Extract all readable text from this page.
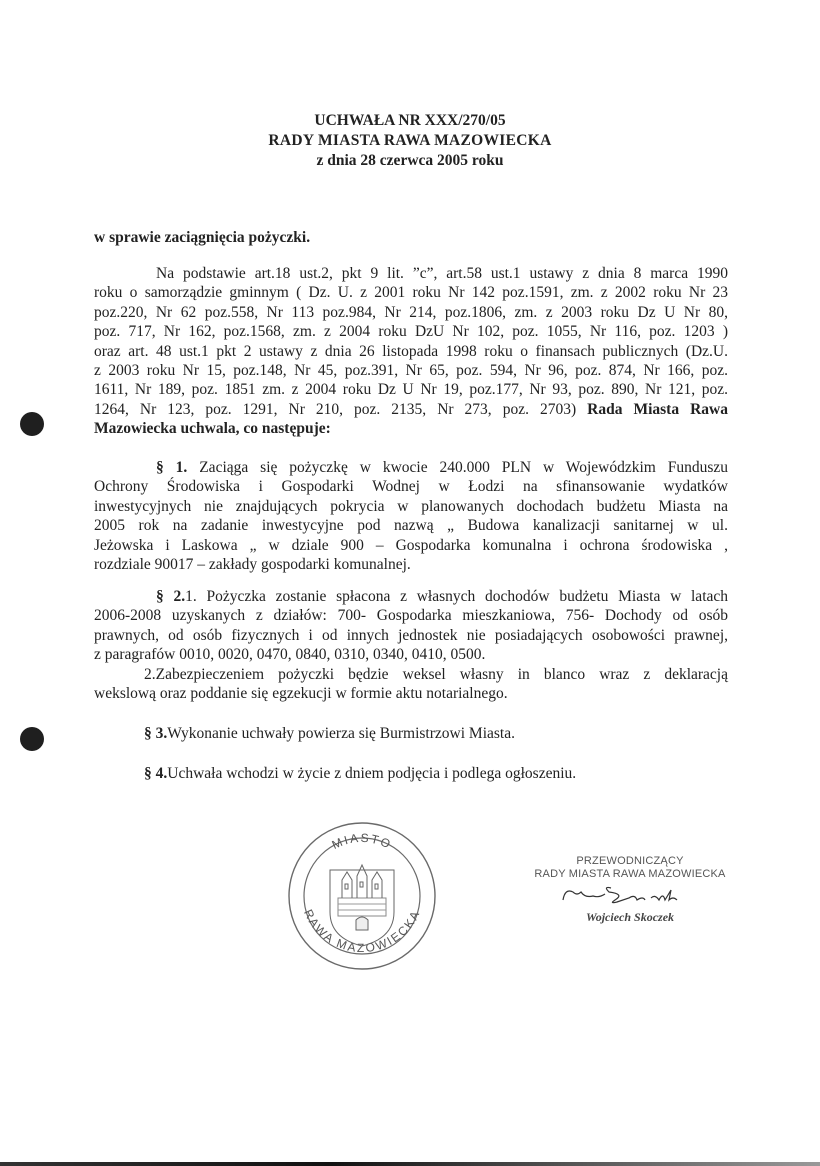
UCHWAŁA NR XXX/270/05
RADY MIASTA RAWA MAZOWIECKA
z dnia 28 czerwca 2005 roku
w sprawie zaciągnięcia pożyczki.
Na podstawie art.18 ust.2, pkt 9 lit. ”c”, art.58 ust.1 ustawy z dnia 8 marca 1990
roku o samorządzie gminnym ( Dz. U. z 2001 roku Nr 142 poz.1591, zm. z 2002 roku Nr 23
poz.220, Nr 62 poz.558, Nr 113 poz.984, Nr 214, poz.1806, zm. z 2003 roku Dz U Nr 80,
poz. 717, Nr 162, poz.1568, zm. z 2004 roku DzU Nr 102, poz. 1055, Nr 116, poz. 1203 )
oraz art. 48 ust.1 pkt 2 ustawy z dnia 26 listopada 1998 roku o finansach publicznych (Dz.U.
z 2003 roku Nr 15, poz.148, Nr 45, poz.391, Nr 65, poz. 594, Nr 96, poz. 874, Nr 166, poz.
1611, Nr 189, poz. 1851 zm. z 2004 roku Dz U Nr 19, poz.177, Nr 93, poz. 890, Nr 121, poz.
1264, Nr 123, poz. 1291, Nr 210, poz. 2135, Nr 273, poz. 2703) Rada Miasta Rawa
Mazowiecka uchwala, co następuje:
§ 1. Zaciąga się pożyczkę w kwocie 240.000 PLN w Wojewódzkim Funduszu
Ochrony Środowiska i Gospodarki Wodnej w Łodzi na sfinansowanie wydatków
inwestycyjnych nie znajdujących pokrycia w planowanych dochodach budżetu Miasta na
2005 rok na zadanie inwestycyjne pod nazwą „ Budowa kanalizacji sanitarnej w ul.
Jeżowska i Laskowa „ w dziale 900 – Gospodarka komunalna i ochrona środowiska ,
rozdziale 90017 – zakłady gospodarki komunalnej.
§ 2.1. Pożyczka zostanie spłacona z własnych dochodów budżetu Miasta w latach
2006-2008 uzyskanych z działów: 700- Gospodarka mieszkaniowa, 756- Dochody od osób
prawnych, od osób fizycznych i od innych jednostek nie posiadających osobowości prawnej,
z paragrafów 0010, 0020, 0470, 0840, 0310, 0340, 0410, 0500.
2.Zabezpieczeniem pożyczki będzie weksel własny in blanco wraz z deklaracją
wekslową oraz poddanie się egzekucji w formie aktu notarialnego.
§ 3.Wykonanie uchwały powierza się Burmistrzowi Miasta.
§ 4.Uchwała wchodzi w życie z dniem podjęcia i podlega ogłoszeniu.
MIASTO
RAWA MAZOWIECKA
PRZEWODNICZĄCY
RADY MIASTA RAWA MAZOWIECKA
Wojciech Skoczek
